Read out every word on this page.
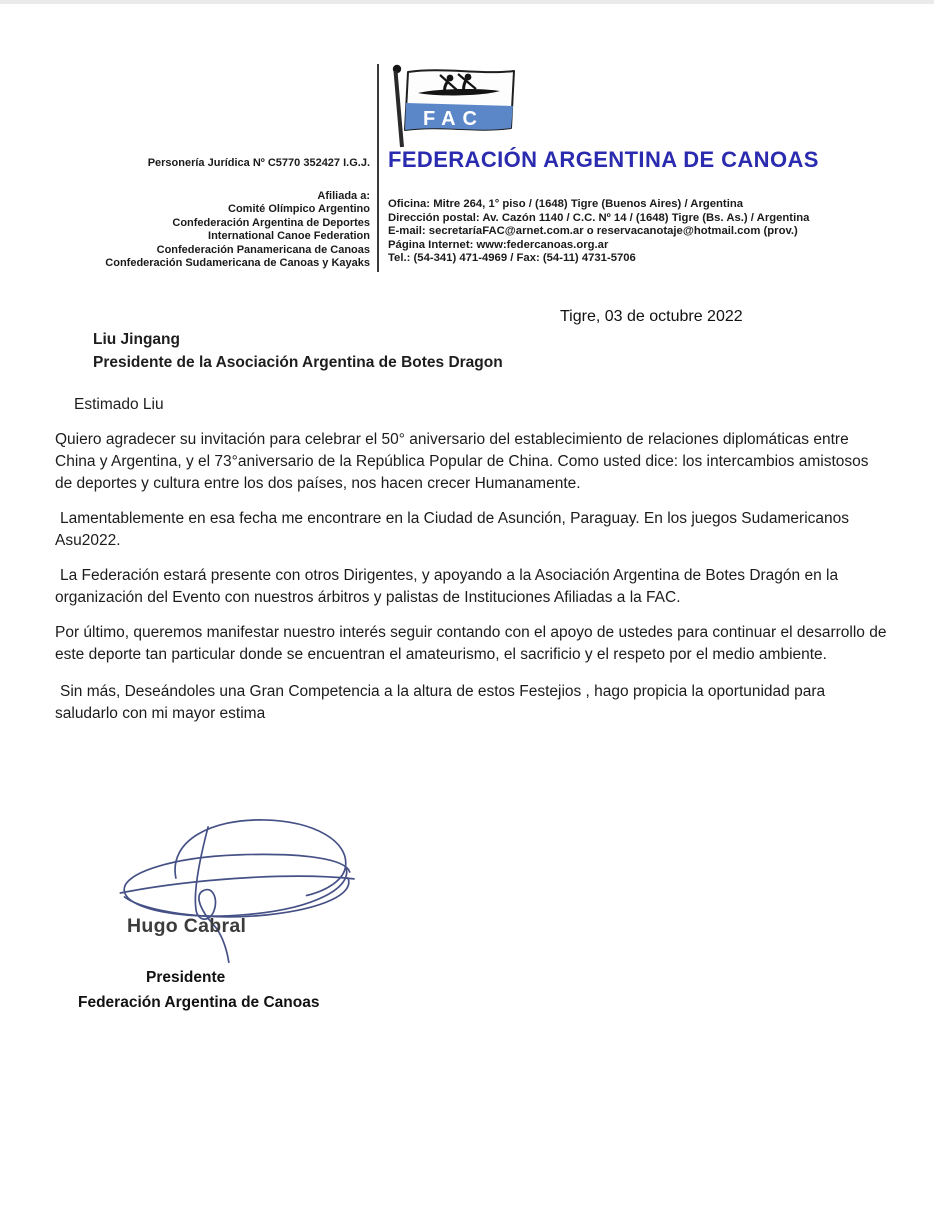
Personería Jurídica Nº C5770 352427 I.G.J.
Afiliada a:
Comité Olímpico Argentino
Confederación Argentina de Deportes
International Canoe Federation
Confederación Panamericana de Canoas
Confederación Sudamericana de Canoas y Kayaks
FAC
FEDERACIÓN ARGENTINA DE CANOAS
Oficina: Mitre 264, 1° piso / (1648) Tigre (Buenos Aires) / Argentina
Dirección postal: Av. Cazón 1140 / C.C. Nº 14 / (1648) Tigre (Bs. As.) / Argentina
E-mail: secretaríaFAC@arnet.com.ar o reservacanotaje@hotmail.com (prov.)
Página Internet: www:federcanoas.org.ar
Tel.: (54-341) 471-4969 / Fax: (54-11) 4731-5706
Tigre, 03 de octubre 2022
Liu Jingang
Presidente de la Asociación Argentina de Botes Dragon
Estimado Liu

Quiero agradecer su invitación para celebrar el 50° aniversario del establecimiento de relaciones diplomáticas entre China y Argentina, y el 73°aniversario de la República Popular de China. Como usted dice: los intercambios amistosos de deportes y cultura entre los dos países, nos hacen crecer Humanamente.

Lamentablemente en esa fecha me encontrare en la Ciudad de Asunción, Paraguay. En los juegos Sudamericanos Asu2022.

La Federación estará presente con otros Dirigentes, y apoyando a la Asociación Argentina de Botes Dragón en la organización del Evento con nuestros árbitros y palistas de Instituciones Afiliadas a la FAC.

Por último, queremos manifestar nuestro interés seguir contando con el apoyo de ustedes para continuar el desarrollo de este deporte tan particular donde se encuentran el amateurismo, el sacrificio y el respeto por el medio ambiente.

Sin más, Deseándoles una Gran Competencia a la altura de estos Festejios , hago propicia la oportunidad para saludarlo con mi mayor estima

Hugo Cabral
Presidente
Federación Argentina de Canoas
